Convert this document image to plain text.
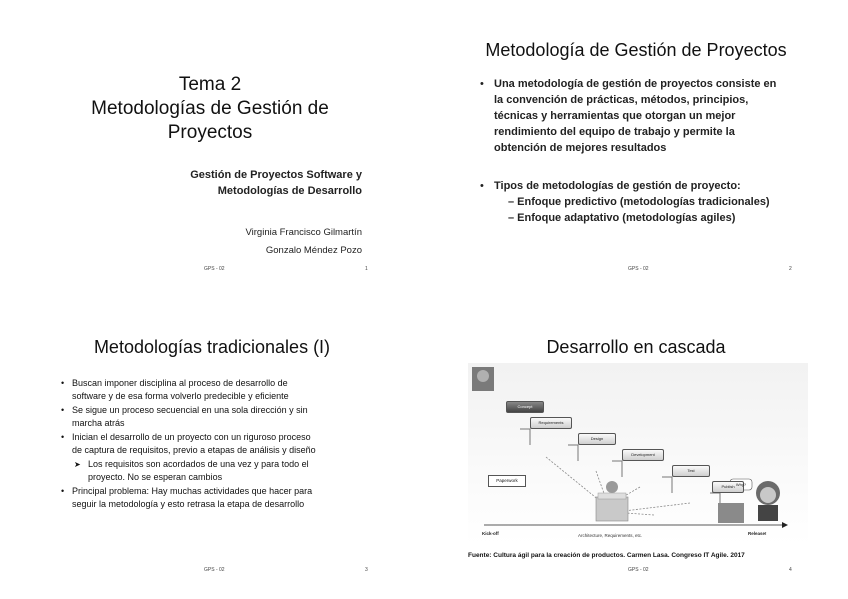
Tema 2
Metodologías de Gestión de
Proyectos
Gestión de Proyectos Software y
Metodologías de Desarrollo
Virginia Francisco Gilmartín
Gonzalo Méndez Pozo
GPS - 02	1
Metodología de Gestión de Proyectos
• Una metodología de gestión de proyectos consiste en
la convención de prácticas, métodos, principios,
técnicas y herramientas que otorgan un mejor
rendimiento del equipo de trabajo y permite la
obtención de mejores resultados
• Tipos de metodologías de gestión de proyecto:
– Enfoque predictivo (metodologías tradicionales)
– Enfoque adaptativo (metodologías agiles)
GPS - 02	2
Metodologías tradicionales (I)
• Buscan imponer disciplina al proceso de desarrollo de
software y de esa forma volverlo predecible y eficiente
• Se sigue un proceso secuencial en una sola dirección y sin
marcha atrás
• Inician el desarrollo de un proyecto con un riguroso proceso
de captura de requisitos, previo a etapas de análisis y diseño
➤ Los requisitos son acordados de una vez y para todo el
proyecto. No se esperan cambios
• Principal problema: Hay muchas actividades que hacer para
seguir la metodología y esto retrasa la etapa de desarrollo
GPS - 02	3
Desarrollo en cascada
Concept
Requirements
Design
Development
Test
Publish
Paperwork
Architecture, Requirements, etc.
Kick-off	Release!
Why?
Fuente: Cultura ágil para la creación de productos. Carmen Lasa. Congreso IT Agile. 2017
GPS - 02	4
